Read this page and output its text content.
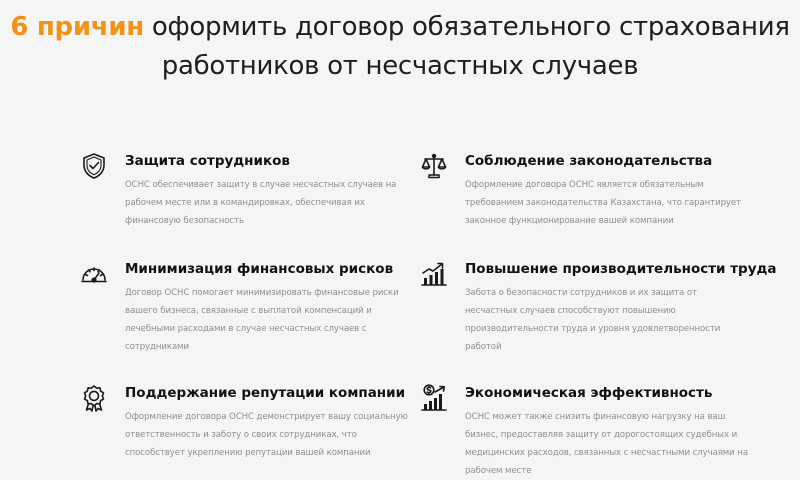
6 причин оформить договор обязательного страхования
работников от несчастных случаев
Защита сотрудников
ОСНС обеспечивает защиту в случае несчастных случаев на рабочем месте или в командировках, обеспечивая их финансовую безопасность
Соблюдение законодательства
Оформление договора ОСНС является обязательным требованием законодательства Казахстана, что гарантирует законное функционирование вашей компании
Минимизация финансовых рисков
Договор ОСНС помогает минимизировать финансовые риски вашего бизнеса, связанные с выплатой компенсаций и лечебными расходами в случае несчастных случаев с сотрудниками
Повышение производительности труда
Забота о безопасности сотрудников и их защита от несчастных случаев способствуют повышению производительности труда и уровня удовлетворенности работой
Поддержание репутации компании
Оформление договора ОСНС демонстрирует вашу социальную ответственность и заботу о своих сотрудниках, что способствует укреплению репутации вашей компании
Экономическая эффективность
ОСНС может также снизить финансовую нагрузку на ваш бизнес, предоставляя защиту от дорогостоящих судебных и медицинских расходов, связанных с несчастными случаями на рабочем месте
